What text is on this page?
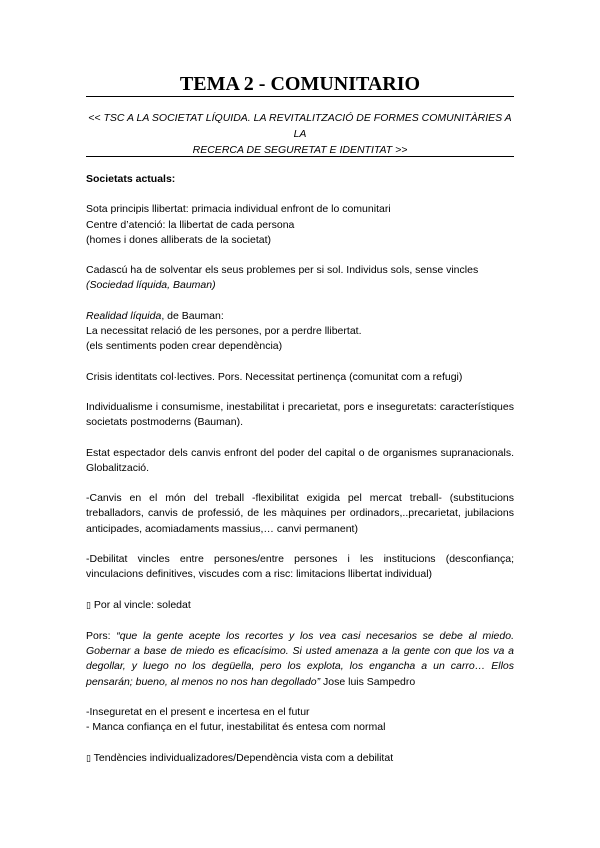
TEMA 2 - COMUNITARIO
<< TSC A LA SOCIETAT LÍQUIDA. LA REVITALITZACIÓ DE FORMES COMUNITÀRIES A LA
RECERCA DE SEGURETAT E IDENTITAT >>

Societats actuals:

Sota principis llibertat: primacia individual enfront de lo comunitari
Centre d’atenció: la llibertat de cada persona
(homes i dones alliberats de la societat)

Cadascú ha de solventar els seus problemes per si sol. Individus sols, sense vincles
(Sociedad líquida, Bauman)

Realidad líquida, de Bauman:
La necessitat relació de les persones, por a perdre llibertat.
(els sentiments poden crear dependència)

Crisis identitats col·lectives. Pors. Necessitat pertinença (comunitat com a refugi)

Individualisme i consumisme, inestabilitat i precarietat, pors e inseguretats: característiques societats postmoderns (Bauman).

Estat espectador dels canvis enfront del poder del capital o de organismes supranacionals. Globalització.

-Canvis en el món del treball -flexibilitat exigida pel mercat treball- (substitucions treballadors, canvis de professió, de les màquines per ordinadors,..precarietat, jubilacions anticipades, acomiadaments massius,… canvi permanent)

-Debilitat vincles entre persones/entre persones i les institucions (desconfiança; vinculacions definitives, viscudes com a risc: limitacions llibertat individual)

▯ Por al vincle: soledat

Pors: “que la gente acepte los recortes y los vea casi necesarios se debe al miedo. Gobernar a base de miedo es eficacísimo. Si usted amenaza a la gente con que los va a degollar, y luego no los degüella, pero los explota, los engancha a un carro… Ellos pensarán; bueno, al menos no nos han degollado” Jose luis Sampedro

-Inseguretat en el present e incertesa en el futur
- Manca confiança en el futur, inestabilitat és entesa com normal

▯ Tendències individualizadores/Dependència vista com a debilitat
